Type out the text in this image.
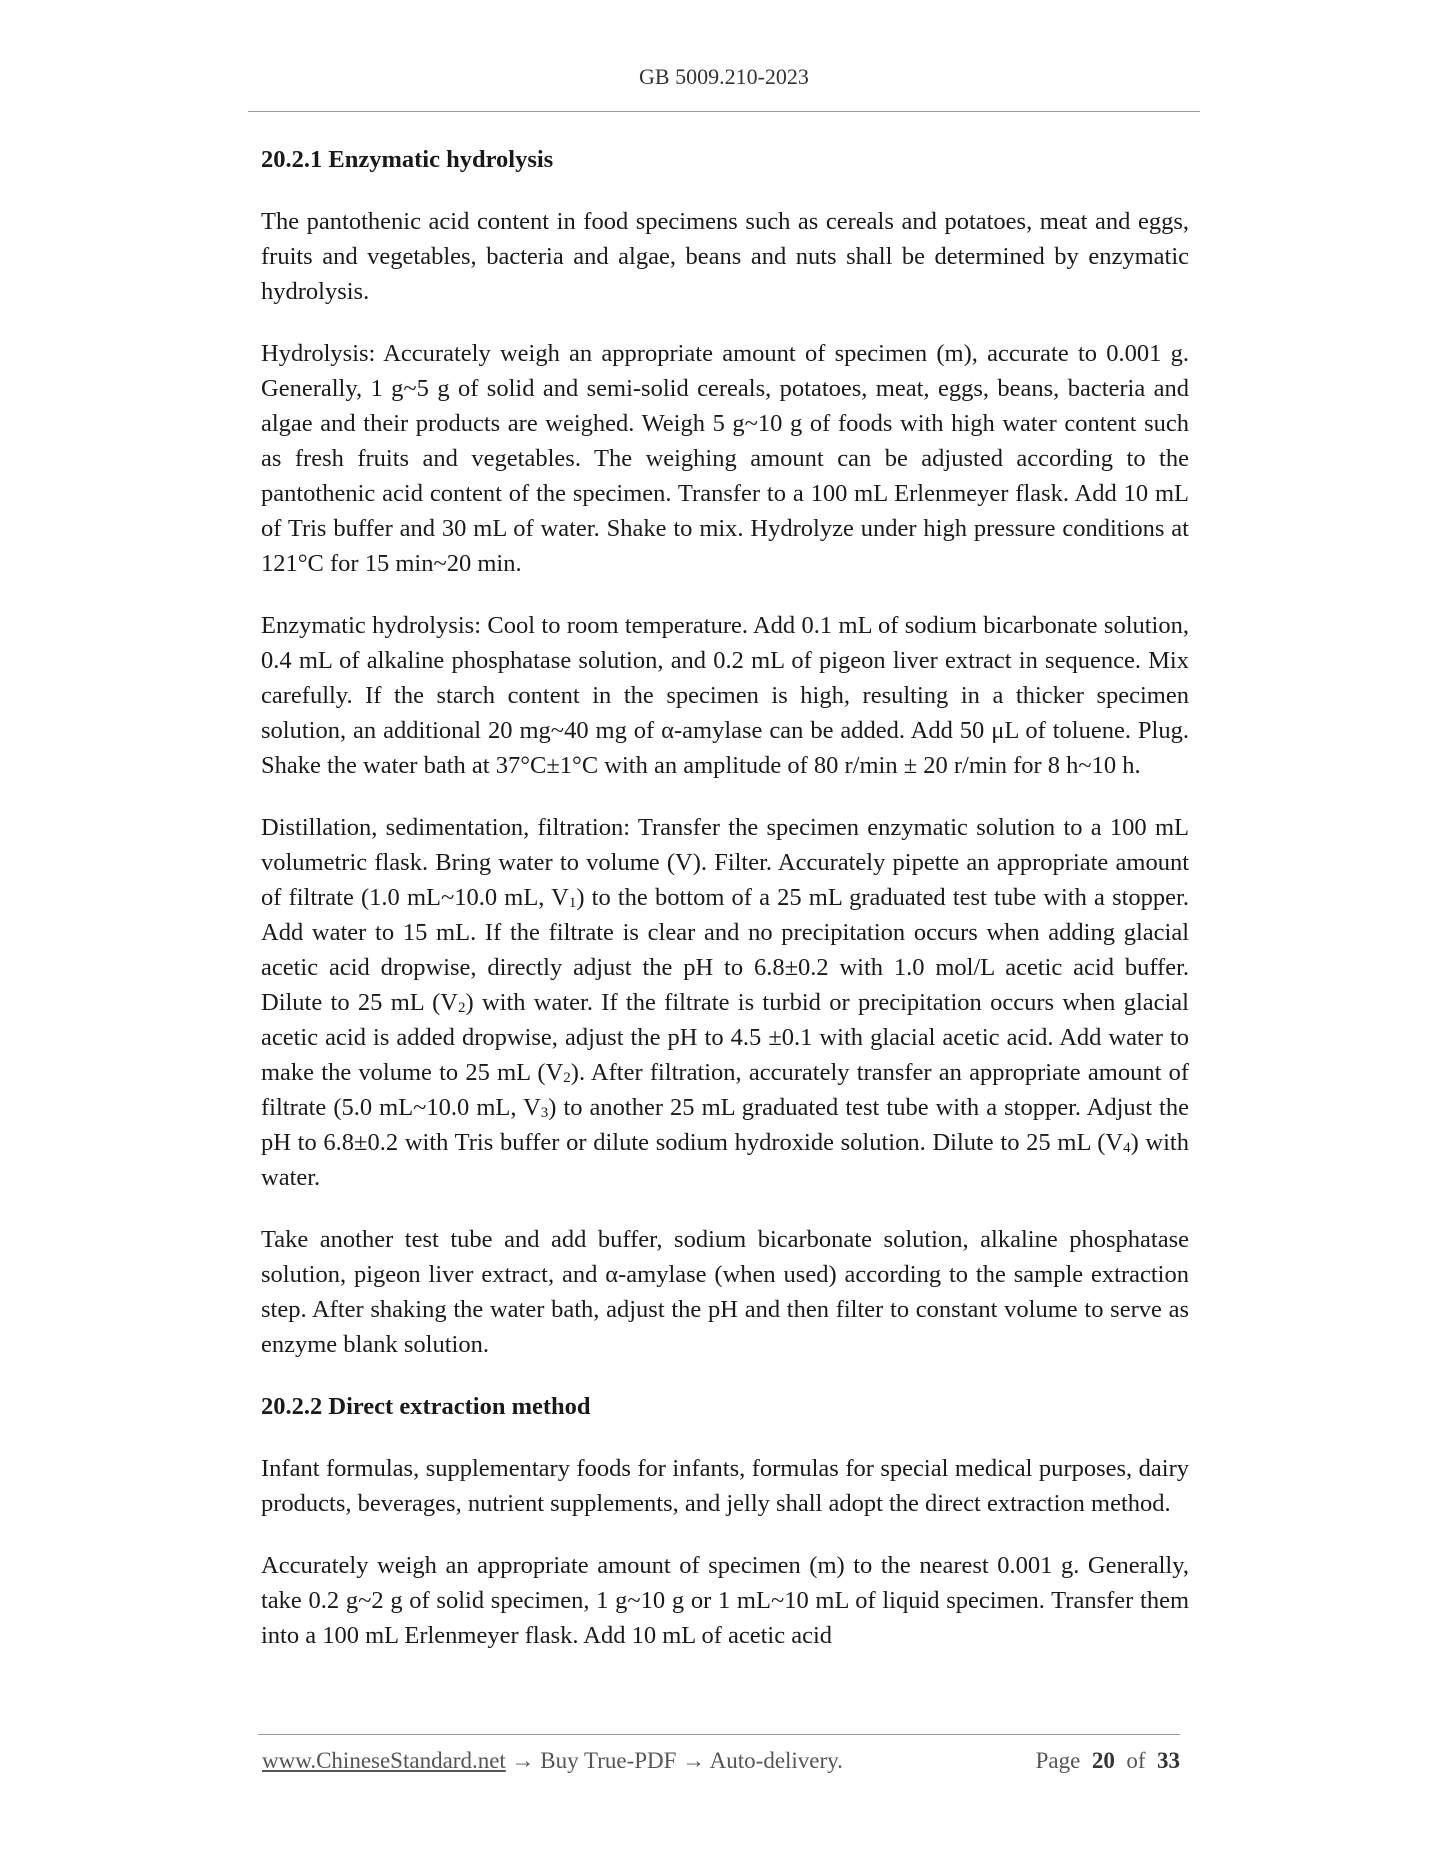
GB 5009.210-2023
20.2.1 Enzymatic hydrolysis

The pantothenic acid content in food specimens such as cereals and potatoes, meat and eggs, fruits and vegetables, bacteria and algae, beans and nuts shall be determined by enzymatic hydrolysis.

Hydrolysis: Accurately weigh an appropriate amount of specimen (m), accurate to 0.001 g. Generally, 1 g~5 g of solid and semi-solid cereals, potatoes, meat, eggs, beans, bacteria and algae and their products are weighed. Weigh 5 g~10 g of foods with high water content such as fresh fruits and vegetables. The weighing amount can be adjusted according to the pantothenic acid content of the specimen. Transfer to a 100 mL Erlenmeyer flask. Add 10 mL of Tris buffer and 30 mL of water. Shake to mix. Hydrolyze under high pressure conditions at 121°C for 15 min~20 min.

Enzymatic hydrolysis: Cool to room temperature. Add 0.1 mL of sodium bicarbonate solution, 0.4 mL of alkaline phosphatase solution, and 0.2 mL of pigeon liver extract in sequence. Mix carefully. If the starch content in the specimen is high, resulting in a thicker specimen solution, an additional 20 mg~40 mg of α-amylase can be added. Add 50 μL of toluene. Plug. Shake the water bath at 37°C±1°C with an amplitude of 80 r/min ± 20 r/min for 8 h~10 h.

Distillation, sedimentation, filtration: Transfer the specimen enzymatic solution to a 100 mL volumetric flask. Bring water to volume (V). Filter. Accurately pipette an appropriate amount of filtrate (1.0 mL~10.0 mL, $V_1$) to the bottom of a 25 mL graduated test tube with a stopper. Add water to 15 mL. If the filtrate is clear and no precipitation occurs when adding glacial acetic acid dropwise, directly adjust the pH to 6.8±0.2 with 1.0 mol/L acetic acid buffer. Dilute to 25 mL $(V_2)$ with water. If the filtrate is turbid or precipitation occurs when glacial acetic acid is added dropwise, adjust the pH to 4.5 ±0.1 with glacial acetic acid. Add water to make the volume to 25 mL $(V_2)$. After filtration, accurately transfer an appropriate amount of filtrate (5.0 mL~10.0 mL, $V_3$) to another 25 mL graduated test tube with a stopper. Adjust the pH to 6.8±0.2 with Tris buffer or dilute sodium hydroxide solution. Dilute to 25 mL $(V_4)$ with water.

Take another test tube and add buffer, sodium bicarbonate solution, alkaline phosphatase solution, pigeon liver extract, and α-amylase (when used) according to the sample extraction step. After shaking the water bath, adjust the pH and then filter to constant volume to serve as enzyme blank solution.

20.2.2 Direct extraction method

Infant formulas, supplementary foods for infants, formulas for special medical purposes, dairy products, beverages, nutrient supplements, and jelly shall adopt the direct extraction method.

Accurately weigh an appropriate amount of specimen (m) to the nearest 0.001 g. Generally, take 0.2 g~2 g of solid specimen, 1 g~10 g or 1 mL~10 mL of liquid specimen. Transfer them into a 100 mL Erlenmeyer flask. Add 10 mL of acetic acid

www.ChineseStandard.net → Buy True-PDF → Auto-delivery.	Page 20 of 33
